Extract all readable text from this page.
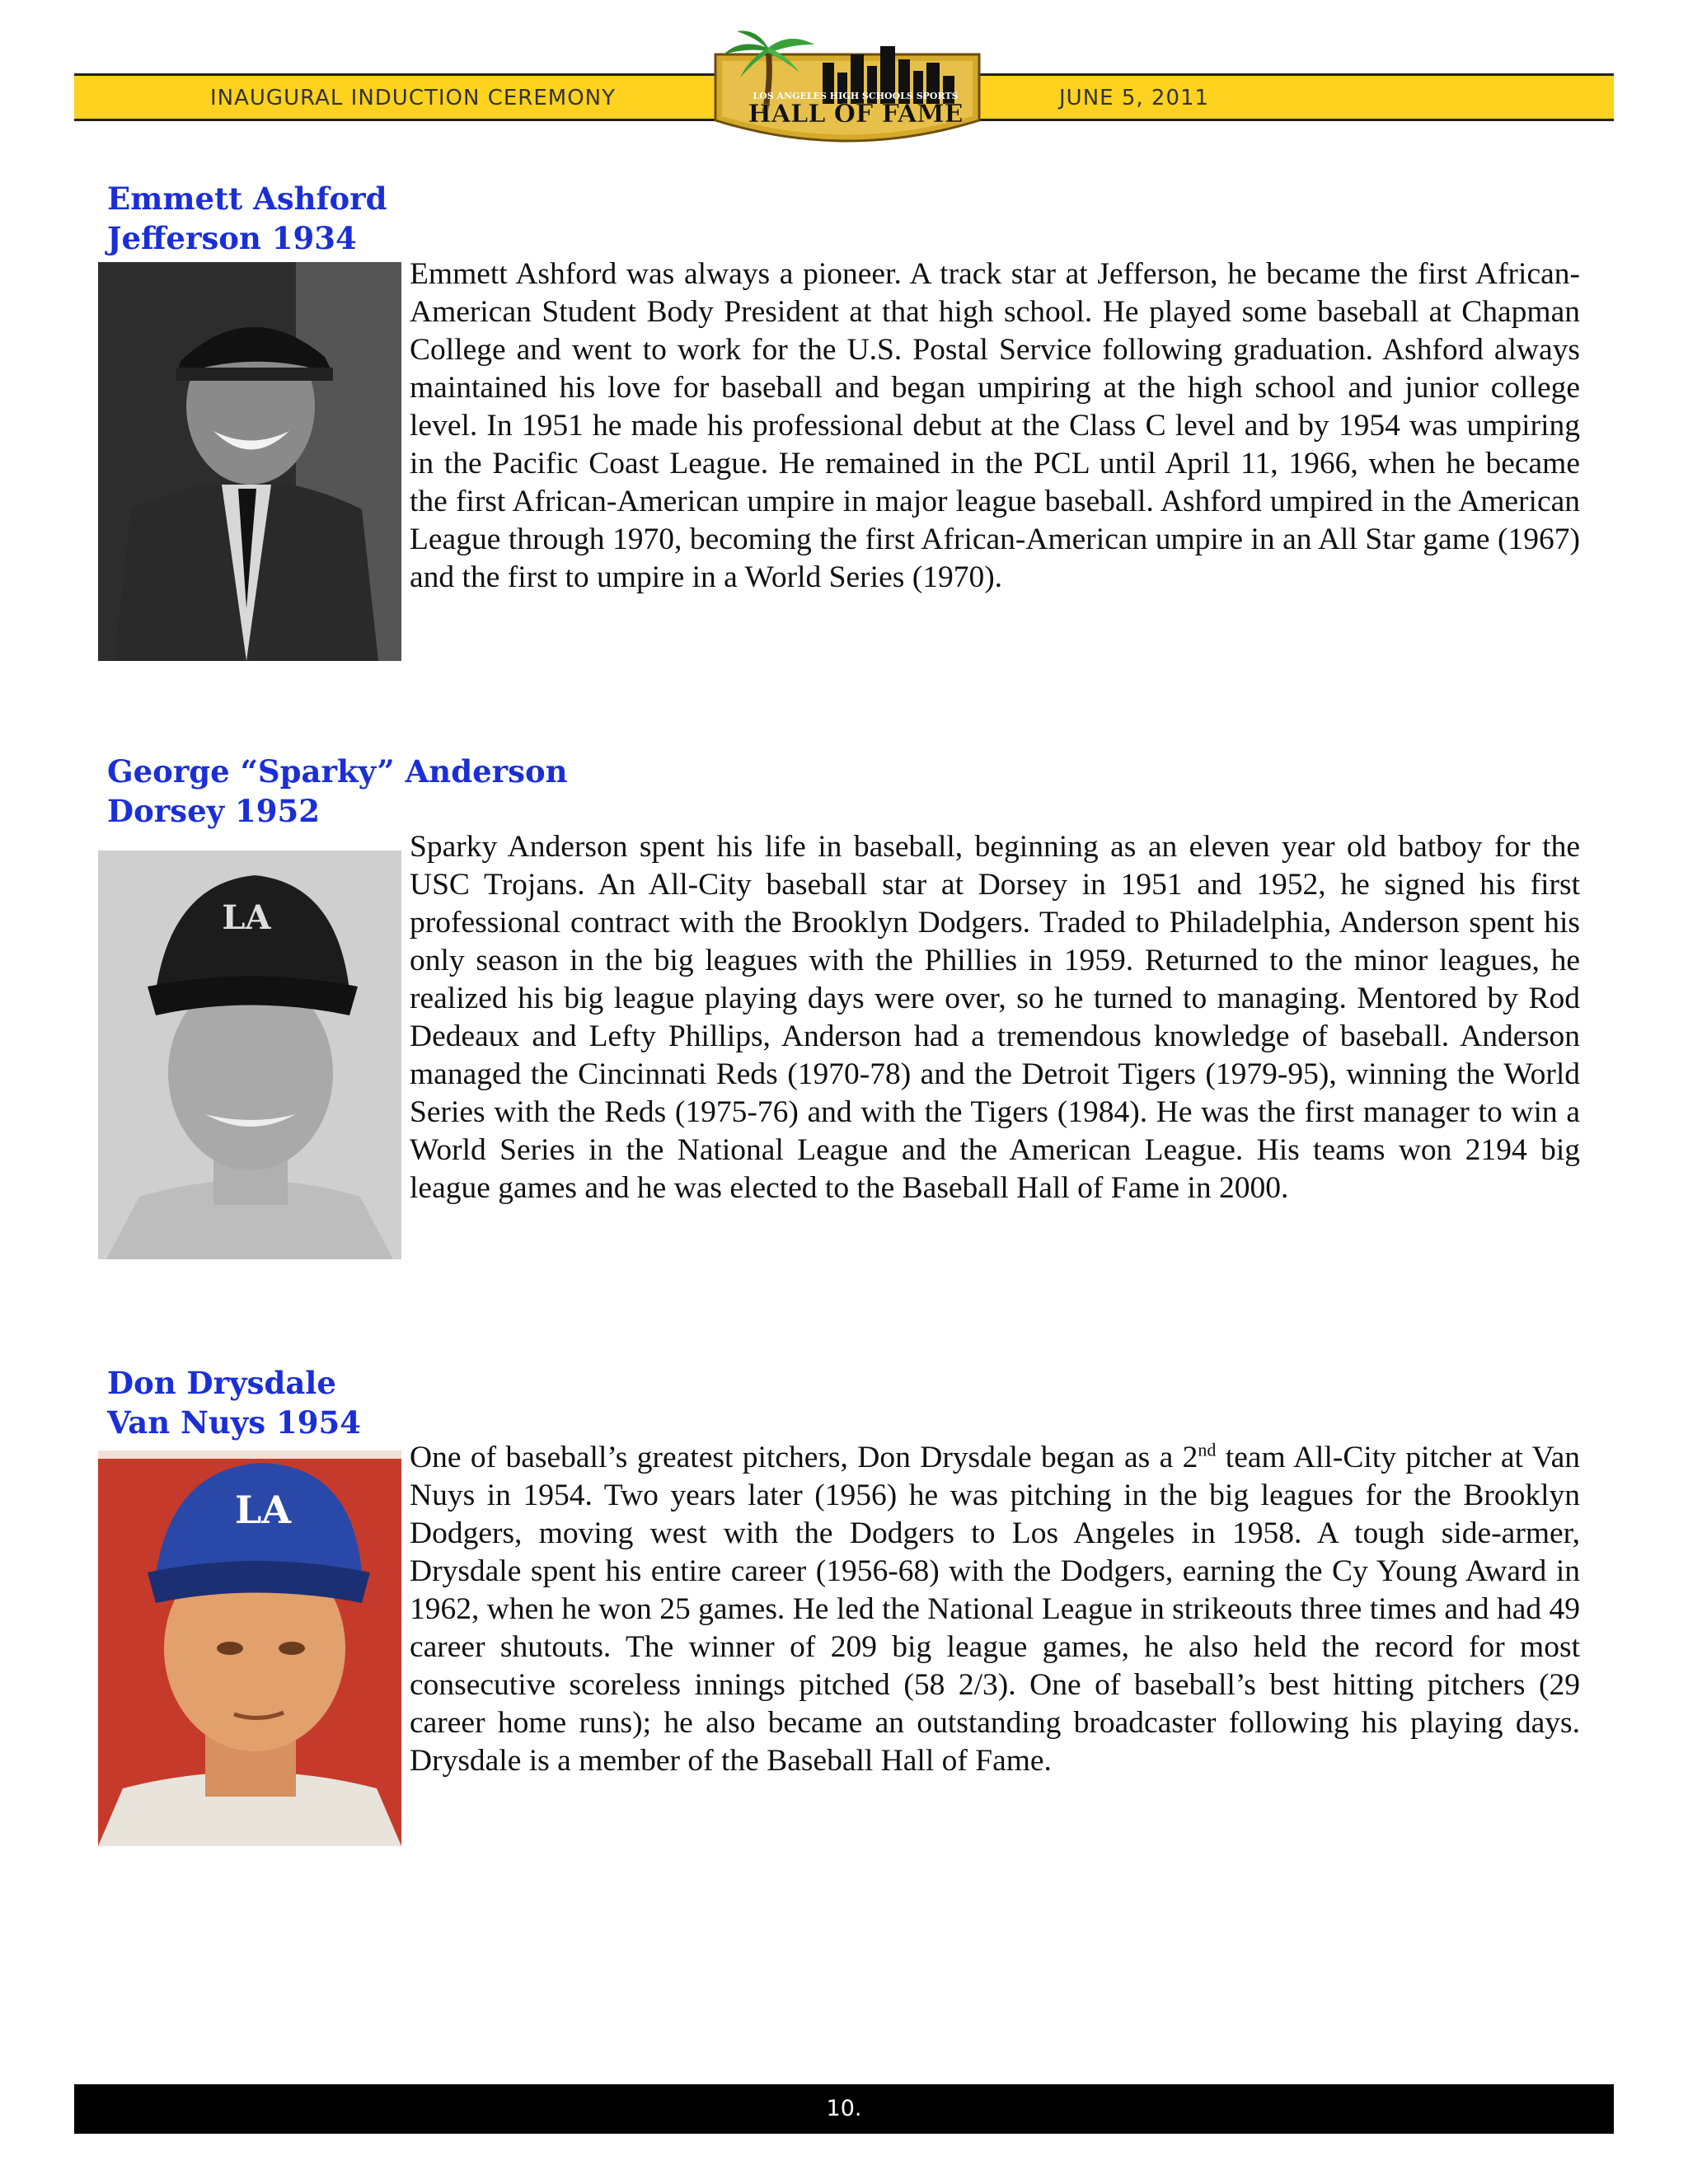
INAUGURAL INDUCTION CEREMONY	JUNE 5, 2011
LOS ANGELES HIGH SCHOOLS SPORTS
HALL OF FAME
Emmett Ashford
Jefferson 1934
Emmett Ashford was always a pioneer. A track star at Jefferson, he became the first African-American Student Body President at that high school. He played some baseball at Chapman College and went to work for the U.S. Postal Service following graduation. Ashford always maintained his love for baseball and began umpiring at the high school and junior college level. In 1951 he made his professional debut at the Class C level and by 1954 was umpiring in the Pacific Coast League. He remained in the PCL until April 11, 1966, when he became the first African-American umpire in major league baseball. Ashford umpired in the American League through 1970, becoming the first African-American umpire in an All Star game (1967) and the first to umpire in a World Series (1970).
George “Sparky” Anderson
Dorsey 1952
LA
Sparky Anderson spent his life in baseball, beginning as an eleven year old batboy for the USC Trojans. An All-City baseball star at Dorsey in 1951 and 1952, he signed his first professional contract with the Brooklyn Dodgers. Traded to Philadelphia, Anderson spent his only season in the big leagues with the Phillies in 1959. Returned to the minor leagues, he realized his big league playing days were over, so he turned to managing. Mentored by Rod Dedeaux and Lefty Phillips, Anderson had a tremendous knowledge of baseball. Anderson managed the Cincinnati Reds (1970-78) and the Detroit Tigers (1979-95), winning the World Series with the Reds (1975-76) and with the Tigers (1984). He was the first manager to win a World Series in the National League and the American League. His teams won 2194 big league games and he was elected to the Baseball Hall of Fame in 2000.
Don Drysdale
Van Nuys 1954
LA
One of baseball’s greatest pitchers, Don Drysdale began as a 2nd team All-City pitcher at Van Nuys in 1954. Two years later (1956) he was pitching in the big leagues for the Brooklyn Dodgers, moving west with the Dodgers to Los Angeles in 1958. A tough side-armer, Drysdale spent his entire career (1956-68) with the Dodgers, earning the Cy Young Award in 1962, when he won 25 games. He led the National League in strikeouts three times and had 49 career shutouts. The winner of 209 big league games, he also held the record for most consecutive scoreless innings pitched (58 2/3). One of baseball’s best hitting pitchers (29 career home runs); he also became an outstanding broadcaster following his playing days. Drysdale is a member of the Baseball Hall of Fame.
10.
